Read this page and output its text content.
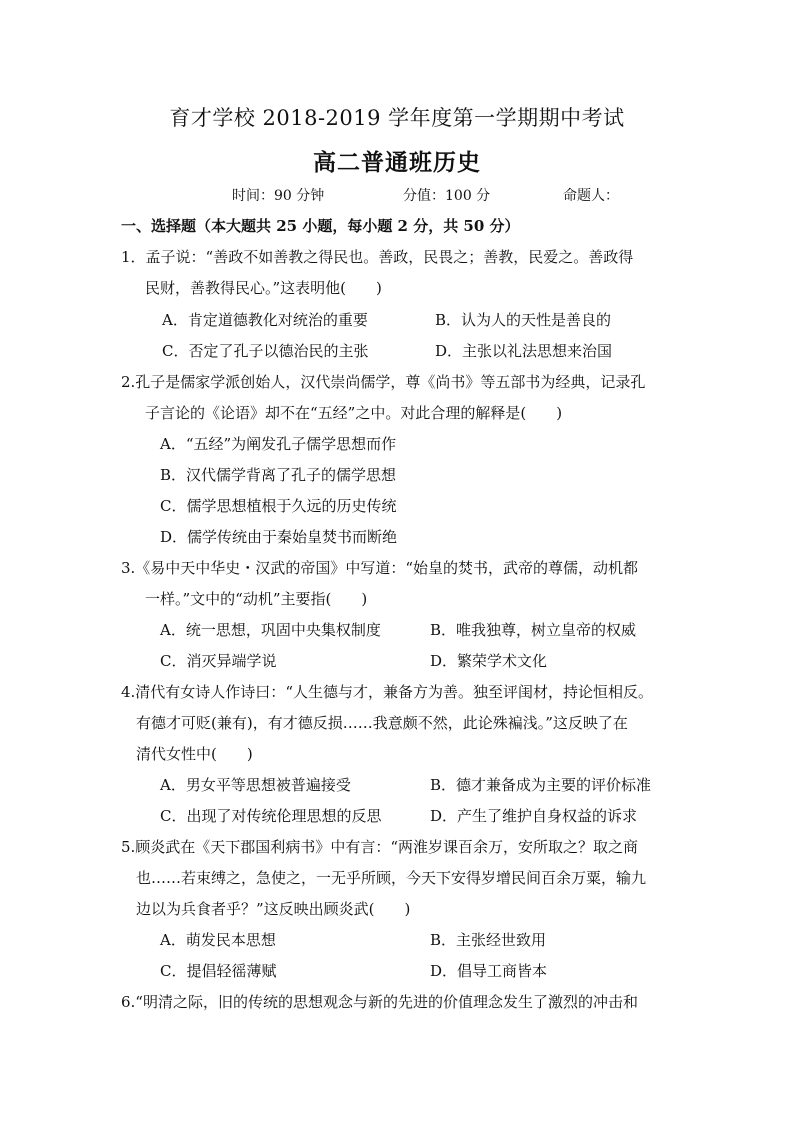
育才学校 2018-2019 学年度第一学期期中考试
高二普通班历史
时间：90 分钟	分值：100 分	命题人：
一、选择题（本大题共 25 小题，每小题 2 分，共 50 分）
1．孟子说：“善政不如善教之得民也。善政，民畏之；善教，民爱之。善政得
民财，善教得民心。”这表明他(　　)
A．肯定道德教化对统治的重要	B．认为人的天性是善良的
C．否定了孔子以德治民的主张	D．主张以礼法思想来治国
2.孔子是儒家学派创始人，汉代崇尚儒学，尊《尚书》等五部书为经典，记录孔
子言论的《论语》却不在“五经”之中。对此合理的解释是(　　)
A．“五经”为阐发孔子儒学思想而作
B．汉代儒学背离了孔子的儒学思想
C．儒学思想植根于久远的历史传统
D．儒学传统由于秦始皇焚书而断绝
3.《易中天中华史・汉武的帝国》中写道：“始皇的焚书，武帝的尊儒，动机都
一样。”文中的“动机”主要指(　　)
A．统一思想，巩固中央集权制度	B．唯我独尊，树立皇帝的权威
C．消灭异端学说	D．繁荣学术文化
4.清代有女诗人作诗曰：“人生德与才，兼备方为善。独至评闺材，持论恒相反。
有德才可贬(兼有)，有才德反损……我意颇不然，此论殊褊浅。”这反映了在
清代女性中(　　)
A．男女平等思想被普遍接受	B．德才兼备成为主要的评价标准
C．出现了对传统伦理思想的反思	D．产生了维护自身权益的诉求
5.顾炎武在《天下郡国利病书》中有言：“两淮岁课百余万，安所取之？取之商
也……若束缚之，急使之，一无乎所顾，今天下安得岁增民间百余万粟，输九
边以为兵食者乎？”这反映出顾炎武(　　)
A．萌发民本思想	B．主张经世致用
C．提倡轻徭薄赋	D．倡导工商皆本
6.“明清之际，旧的传统的思想观念与新的先进的价值理念发生了激烈的冲击和
